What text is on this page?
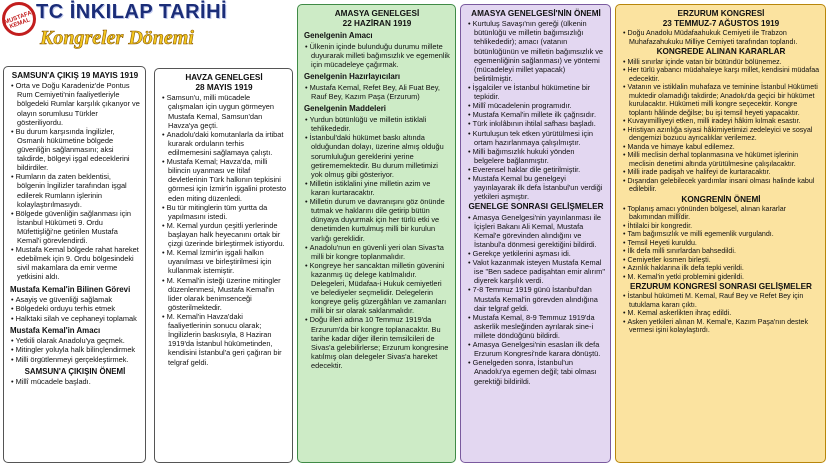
MUSTAFA KEMAL
TC İNKILAP TARİHİ
Kongreler Dönemi
SAMSUN'A ÇIKIŞ 19 MAYIS 1919
• Orta ve Doğu Karadeniz'de Pontus Rum Cemiyeti'nin faaliyetleriyle bölgedeki Rumlar karşılık çıkanyor ve olayın sorumlusu Türkler gösteriliyordu.
• Bu durum karşısında İngilizler, Osmanlı hükümetine bölgede güvenliğin sağlanmasını; aksi takdirde, bölgeyi işgal edeceklerini bildirdiler.
• Rumların da zaten beklentisi, bölgenin İngilizler tarafından işgal edilerek Rumların işlerinin kolaylaştırılmasıydı.
• Bölgede güvenliğin sağlanması için İstanbul Hükümeti 9. Ordu Müfettişliği'ne getirilen Mustafa Kemal'i görevlendirdi.
• Mustafa Kemal bölgede rahat hareket edebilmek için 9. Ordu bölgesindeki sivil makamlara da emir verme yetkisini aldı.
Mustafa Kemal'in Bilinen Görevi
• Asayiş ve güvenliği sağlamak
• Bölgedeki orduyu terhis etmek
• Halktaki silah ve cephaneyi toplamak
Mustafa Kemal'in Amacı
• Yetkili olarak Anadolu'ya geçmek.
• Mitingler yoluyla halk bilinçlendirmek
• Milli örgütlenmeyi gerçekleştirmek.
SAMSUN'A ÇIKIŞIN ÖNEMİ
• Millî mücadele başladı.
HAVZA GENELGESİ
28 MAYIS 1919
• Samsun'u, milli mücadele çalışmaları için uygun görmeyen Mustafa Kemal, Samsun'dan Havza'ya geçti.
• Anadolu'daki komutanlarla da irtibat kurarak orduların terhis edilmemesini sağlamaya çalıştı.
• Mustafa Kemal; Havza'da, milli bilincin uyanması ve İtilaf devletlerinin Türk halkının tepkisini görmesi için İzmir'in işgalini protesto eden miting düzenledi.
• Bu tür mitinglerin tüm yurtta da yapılmasını istedi.
• M. Kemal yurdun çeşitli yerlerinde başlayan halk heyecanını ortak bir çizgi üzerinde birleştirmek istiyordu.
• M. Kemal İzmir'in işgali halkın uyanılması ve birleştirilmesi için kullanmak istemiştir.
• M. Kemal'in isteği üzerine mitingler düzenlenmesi, Mustafa Kemal'in lider olarak benimsenceği gösterilmektedir.
• M. Kemal'in Havza'daki faaliyetlerinin sonucu olarak; İngilizlerin baskısıyla, 8 Haziran 1919'da İstanbul hükümetinden, kendisini İstanbul'a geri çağıran bir telgraf geldi.
AMASYA GENELGESİ
22 HAZİRAN 1919
Genelgenin Amacı
• Ülkenin içinde bulunduğu durumu millete duyurarak milleti bağımsızlık ve egemenlik için mücadeleye çağırmak.
Genelgenin Hazırlayıcıları
• Mustafa Kemal, Refet Bey, Ali Fuat Bey, Rauf Bey, Kazım Paşa (Erzurum)
Genelgenin Maddeleri
• Yurdun bütünlüğü ve milletin istiklali tehlikededir.
• İstanbul'daki hükümet baskı altında olduğundan dolayı, üzerine almış olduğu sorumluluğun gereklerini yerine getirememektedir. Bu durum milletimizi yok olmuş gibi gösteriyor.
• Milletin istiklalini yine milletin azim ve kararı kurtaracaktır.
• Milletin durum ve davranışını göz önünde tutmak ve haklarını dile getirip bütün dünyaya duyurmak için her türlü etki ve denetimden kurtulmuş milli bir kurulun varlığı gereklidir.
• Anadolu'nun en güvenli yeri olan Sivas'ta milli bir kongre toplanmalıdır.
• Kongreye her sancaktan milletin güvenini kazanmış üç delege katılmalıdır. Delegeleri, Müdafaa-i Hukuk cemiyetleri ve belediyeler seçmelidir. Delegelerin kongreye geliş güzergâhları ve zamanları milli bir sır olarak saklanmalıdır.
• Doğu illeri adına 10 Temmuz 1919'da Erzurum'da bir kongre toplanacaktır. Bu tarihe kadar diğer illerin temsilcileri de Sivas'a gelebilirlerse; Erzurum kongresine katılmış olan delegeler Sivas'a hareket edecektir.
AMASYA GENELGESİ'NİN ÖNEMİ
• Kurtuluş Savaşı'nın gereği (ülkenin bütünlüğü ve milletin bağımsızlığı tehlikededir); amacı (vatanın bütünlüğünün ve milletin bağımsızlık ve egemenliğinin sağlanması) ve yöntemi (mücadeleyi millet yapacak) belirtilmiştir.
• İşgalciler ve İstanbul hükümetine bir tepkidir.
• Millî mücadelenin programıdır.
• Mustafa Kemal'in millete ilk çağrısıdır.
• Türk inkılâbının ihtilal safhası başladı.
• Kurtuluşun tek etken yürütülmesi için ortam hazırlanmaya çalışılmıştır.
• Milli bağımsızlık hukuki yönden belgelere bağlanmıştır.
• Everensel haklar dile getirilmiştir.
• Mustafa Kemal bu genelgeyi yayınlayarak ilk defa İstanbul'un verdiği yetkileri aşmıştır.
GENELGE SONRASI GELİŞMELER
• Amasya Genelgesi'nin yayınlanması ile İçişleri Bakanı Ali Kemal, Mustafa Kemal'e görevinden alındığını ve İstanbul'a dönmesi gerektiğini bildirdi.
• Gerekçe yetkilerini aşması idi.
• Vakıt kazanmak isteyen Mustafa Kemal ise "Ben sadece padişahtan emir alırım" diyerek karşılık verdi.
• 7-8 Temmuz 1919 günü İstanbul'dan Mustafa Kemal'in görevden alındığına dair telgraf geldi.
• Mustafa Kemal, 8-9 Temmuz 1919'da askerlik mesleğinden ayrılarak sine-i millete döndüğünü bildirdi.
• Amasya Genelgesi'nin esasları ilk defa Erzurum Kongresi'nde karara dönüştü.
• Genelgeden sonra, İstanbul'un Anadolu'ya egemen değil; tabi olması gerektiği bildirildi.
ERZURUM KONGRESİ
23 TEMMUZ-7 AĞUSTOS 1919
• Doğu Anadolu Müdafaahukuk Cemiyeti ile Trabzon Muhafazahukuku Milliye Cemiyeti tarafından toplandı.
KONGREDE ALINAN KARARLAR
• Milli sınırlar içinde vatan bir bütündür bölünemez.
• Her türlü yabancı müdahaleye karşı millet, kendisini müdafaa edecektir.
• Vatanın ve istiklalin muhafaza ve teminine İstanbul Hükümeti muktedir olamadığı takdirde; Anadolu'da geçici bir hükümet kurulacaktır. Hükümeti milli kongre seçecektir. Kongre toplantı hâlinde değilse; bu işi temsil heyeti yapacaktır.
• Kuvayımilliyeyi etken, milli iradeyi hâkim kılmak esastır.
• Hristiyan azınlığa siyasi hâkimiyetimizi zedeleyici ve sosyal dengemizi bozucu ayrıcalıklar verilemez.
• Manda ve himaye kabul edilemez.
• Milli meclisin derhal toplanmasına ve hükümet işlerinin meclisin denetimi altında yürütülmesine çalışılacaktır.
• Milli irade padişah ve halifeyi de kurtaracaktır.
• Dışarıdan gelebilecek yardımlar insani olması halinde kabul edilebilir.
KONGRENİN ÖNEMİ
• Toplanış amacı yönünden bölgesel, alınan kararlar bakımından millîdir.
• İhtilalci bir kongredir.
• Tam bağımsızlık ve milli egemenlik vurgulandı.
• Temsil Heyeti kuruldu.
• İlk defa milli sınırlardan bahsedildi.
• Cemiyetler kısmen birleşti.
• Azınlık haklarına ilk defa tepki verildi.
• M. Kemal'in yetki problemini giderildi.
ERZURUM KONGRESİ SONRASI GELİŞMELER
• İstanbul hükümeti M. Kemal, Rauf Bey ve Refet Bey için tutuklama kararı çıktı.
• M. Kemal askerlikten ihraç edildi.
• Asken yetkileri alınan M. Kemal'e, Kazım Paşa'nın destek vermesi işini kolaylaştırdı.
